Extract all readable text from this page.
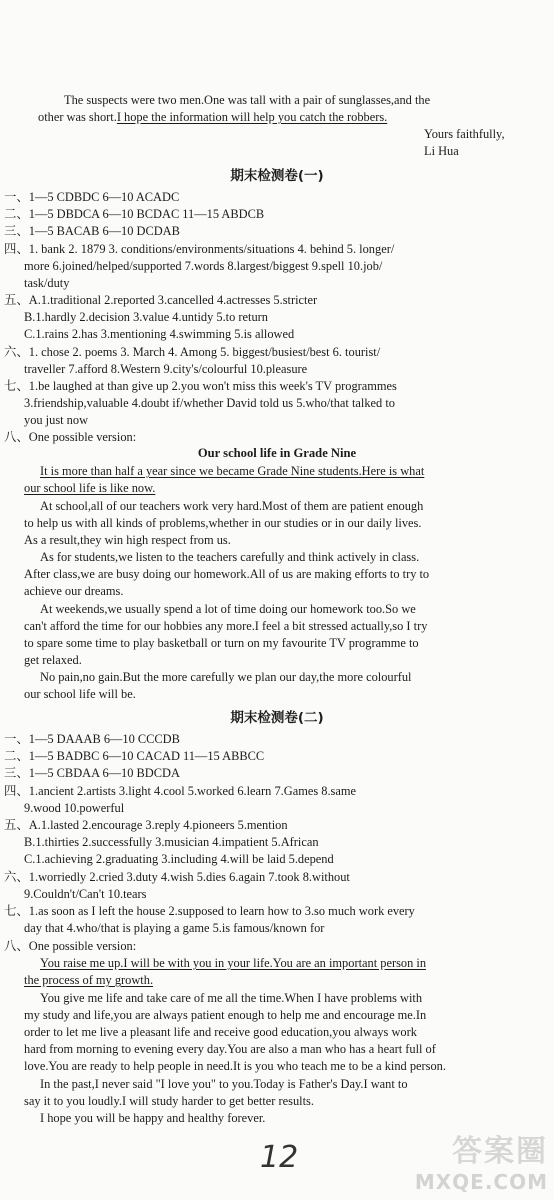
The suspects were two men.One was tall with a pair of sunglasses,and the
other was short.I hope the information will help you catch the robbers.
Yours faithfully,
Li Hua
期末检测卷(一)
一、1—5 CDBDC 6—10 ACADC
二、1—5 DBDCA 6—10 BCDAC 11—15 ABDCB
三、1—5 BACAB 6—10 DCDAB
四、1. bank 2. 1879 3. conditions/environments/situations 4. behind 5. longer/
more 6.joined/helped/supported 7.words 8.largest/biggest 9.spell 10.job/
task/duty
五、A.1.traditional 2.reported 3.cancelled 4.actresses 5.stricter
B.1.hardly 2.decision 3.value 4.untidy 5.to return
C.1.rains 2.has 3.mentioning 4.swimming 5.is allowed
六、1. chose 2. poems 3. March 4. Among 5. biggest/busiest/best 6. tourist/
traveller 7.afford 8.Western 9.city's/colourful 10.pleasure
七、1.be laughed at than give up 2.you won't miss this week's TV programmes
3.friendship,valuable 4.doubt if/whether David told us 5.who/that talked to
you just now
八、One possible version:
Our school life in Grade Nine
It is more than half a year since we became Grade Nine students.Here is what
our school life is like now.
At school,all of our teachers work very hard.Most of them are patient enough
to help us with all kinds of problems,whether in our studies or in our daily lives.
As a result,they win high respect from us.
As for students,we listen to the teachers carefully and think actively in class.
After class,we are busy doing our homework.All of us are making efforts to try to
achieve our dreams.
At weekends,we usually spend a lot of time doing our homework too.So we
can't afford the time for our hobbies any more.I feel a bit stressed actually,so I try
to spare some time to play basketball or turn on my favourite TV programme to
get relaxed.
No pain,no gain.But the more carefully we plan our day,the more colourful
our school life will be.
期末检测卷(二)
一、1—5 DAAAB 6—10 CCCDB
二、1—5 BADBC 6—10 CACAD 11—15 ABBCC
三、1—5 CBDAA 6—10 BDCDA
四、1.ancient 2.artists 3.light 4.cool 5.worked 6.learn 7.Games 8.same
9.wood 10.powerful
五、A.1.lasted 2.encourage 3.reply 4.pioneers 5.mention
B.1.thirties 2.successfully 3.musician 4.impatient 5.African
C.1.achieving 2.graduating 3.including 4.will be laid 5.depend
六、1.worriedly 2.cried 3.duty 4.wish 5.dies 6.again 7.took 8.without
9.Couldn't/Can't 10.tears
七、1.as soon as I left the house 2.supposed to learn how to 3.so much work every
day that 4.who/that is playing a game 5.is famous/known for
八、One possible version:
You raise me up.I will be with you in your life.You are an important person in
the process of my growth.
You give me life and take care of me all the time.When I have problems with
my study and life,you are always patient enough to help me and encourage me.In
order to let me live a pleasant life and receive good education,you always work
hard from morning to evening every day.You are also a man who has a heart full of
love.You are ready to help people in need.It is you who teach me to be a kind person.
In the past,I never said "I love you" to you.Today is Father's Day.I want to
say it to you loudly.I will study harder to get better results.
I hope you will be happy and healthy forever.
12	答案圈
MXQE.COM
